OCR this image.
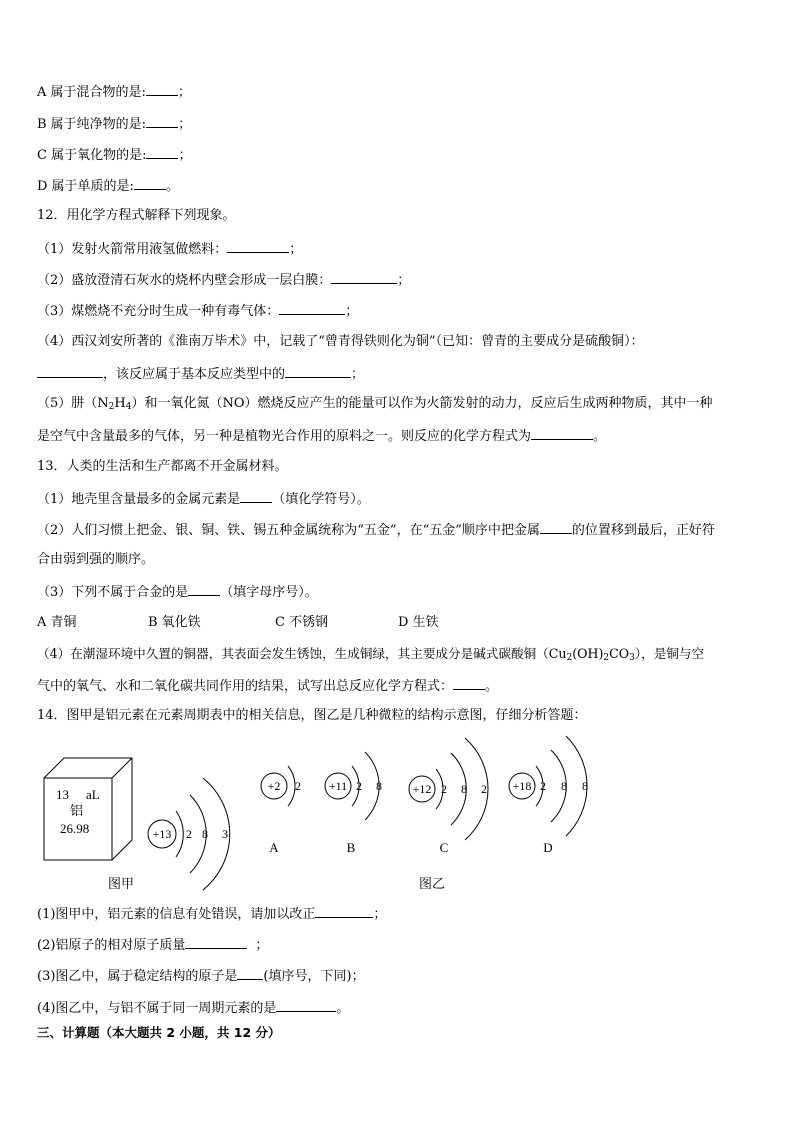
A 属于混合物的是: ；
B 属于纯净物的是: ；
C 属于氧化物的是: ；
D 属于单质的是: 。
12．用化学方程式解释下列现象。
（1）发射火箭常用液氢做燃料：	；
（2）盛放澄清石灰水的烧杯内壁会形成一层白膜：	；
（3）煤燃烧不充分时生成一种有毒气体：	；
（4）西汉刘安所著的《淮南万毕术》中，记载了“曾青得铁则化为铜”（已知：曾青的主要成分是硫酸铜）：
，该反应属于基本反应类型中的	；
（5）肼$(N_2H_4)$和一氧化氮（NO）燃烧反应产生的能量可以作为火箭发射的动力，反应后生成两种物质，其中一种
是空气中含量最多的气体，另一种是植物光合作用的原料之一。则反应的化学方程式为	。
13．人类的生活和生产都离不开金属材料。
（1）地壳里含量最多的金属元素是 （填化学符号）。
（2）人们习惯上把金、银、铜、铁、锡五种金属统称为“五金”，在“五金”顺序中把金属 的位置移到最后，正好符
合由弱到强的顺序。
（3）下列不属于合金的是 （填字母序号）。
A 青铜	B 氧化铁	C 不锈钢	D 生铁
（4）在潮湿环境中久置的铜器，其表面会发生锈蚀，生成铜绿，其主要成分是碱式碳酸铜$(Cu_2(OH)_2CO_3)$，是铜与空
气中的氧气、水和二氧化碳共同作用的结果，试写出总反应化学方程式： 。
14．图甲是铝元素在元素周期表中的相关信息，图乙是几种微粒的结构示意图，仔细分析答题：
13 aL
铝
26.98	+13 2 8 3
+2 2
A
+11 2 8
B
+12 2 8 2
C
+18 2 8 8
D
图甲	图乙
(1)图甲中，铝元素的信息有处错误，请加以改正	；
(2)铝原子的相对原子质量	；
(3)图乙中，属于稳定结构的原子是 (填序号，下同)；
(4)图乙中，与铝不属于同一周期元素的是	。
三、计算题（本大题共 2 小题，共 12 分）
